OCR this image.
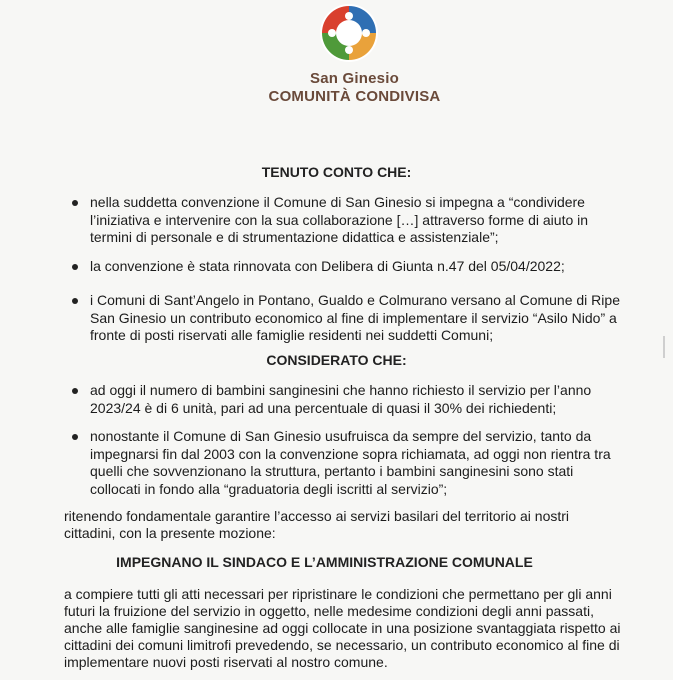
San Ginesio
COMUNITÀ CONDIVISA
TENUTO CONTO CHE:
nella suddetta convenzione il Comune di San Ginesio si impegna a “condividere l’iniziativa e intervenire con la sua collaborazione […] attraverso forme di aiuto in termini di personale e di strumentazione didattica e assistenziale”;
la convenzione è stata rinnovata con Delibera di Giunta n.47 del 05/04/2022;
i Comuni di Sant’Angelo in Pontano, Gualdo e Colmurano versano al Comune di Ripe San Ginesio un contributo economico al fine di implementare il servizio “Asilo Nido” a fronte di posti riservati alle famiglie residenti nei suddetti Comuni;
CONSIDERATO CHE:
ad oggi il numero di bambini sanginesini che hanno richiesto il servizio per l’anno 2023/24 è di 6 unità, pari ad una percentuale di quasi il 30% dei richiedenti;
nonostante il Comune di San Ginesio usufruisca da sempre del servizio, tanto da impegnarsi fin dal 2003 con la convenzione sopra richiamata, ad oggi non rientra tra quelli che sovvenzionano la struttura, pertanto i bambini sanginesini sono stati collocati in fondo alla “graduatoria degli iscritti al servizio”;
ritenendo fondamentale garantire l’accesso ai servizi basilari del territorio ai nostri cittadini, con la presente mozione:
IMPEGNANO IL SINDACO E L’AMMINISTRAZIONE COMUNALE
a compiere tutti gli atti necessari per ripristinare le condizioni che permettano per gli anni futuri la fruizione del servizio in oggetto, nelle medesime condizioni degli anni passati, anche alle famiglie sanginesine ad oggi collocate in una posizione svantaggiata rispetto ai cittadini dei comuni limitrofi prevedendo, se necessario, un contributo economico al fine di implementare nuovi posti riservati al nostro comune.
